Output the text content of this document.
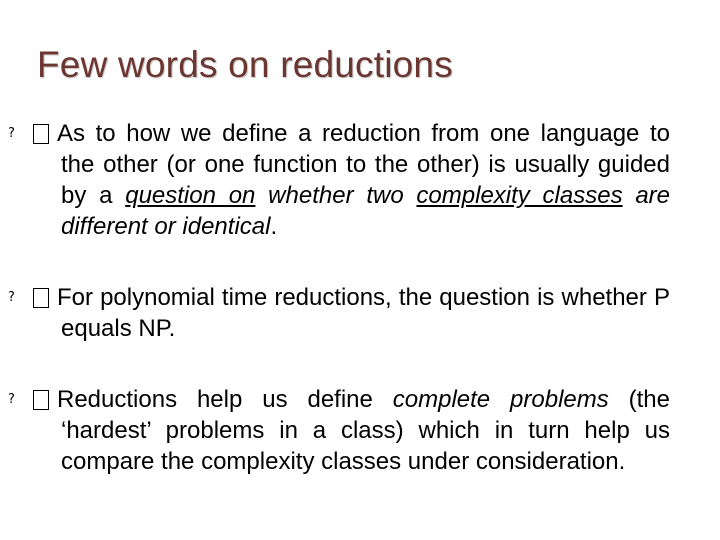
Few words on reductions

?As to how we define a reduction from one language to the other (or one function to the other) is usually guided by a question on whether two complexity classes are different or identical.

?For polynomial time reductions, the question is whether P equals NP.

?Reductions help us define complete problems (the ‘hardest’ problems in a class) which in turn help us compare the complexity classes under consideration.
